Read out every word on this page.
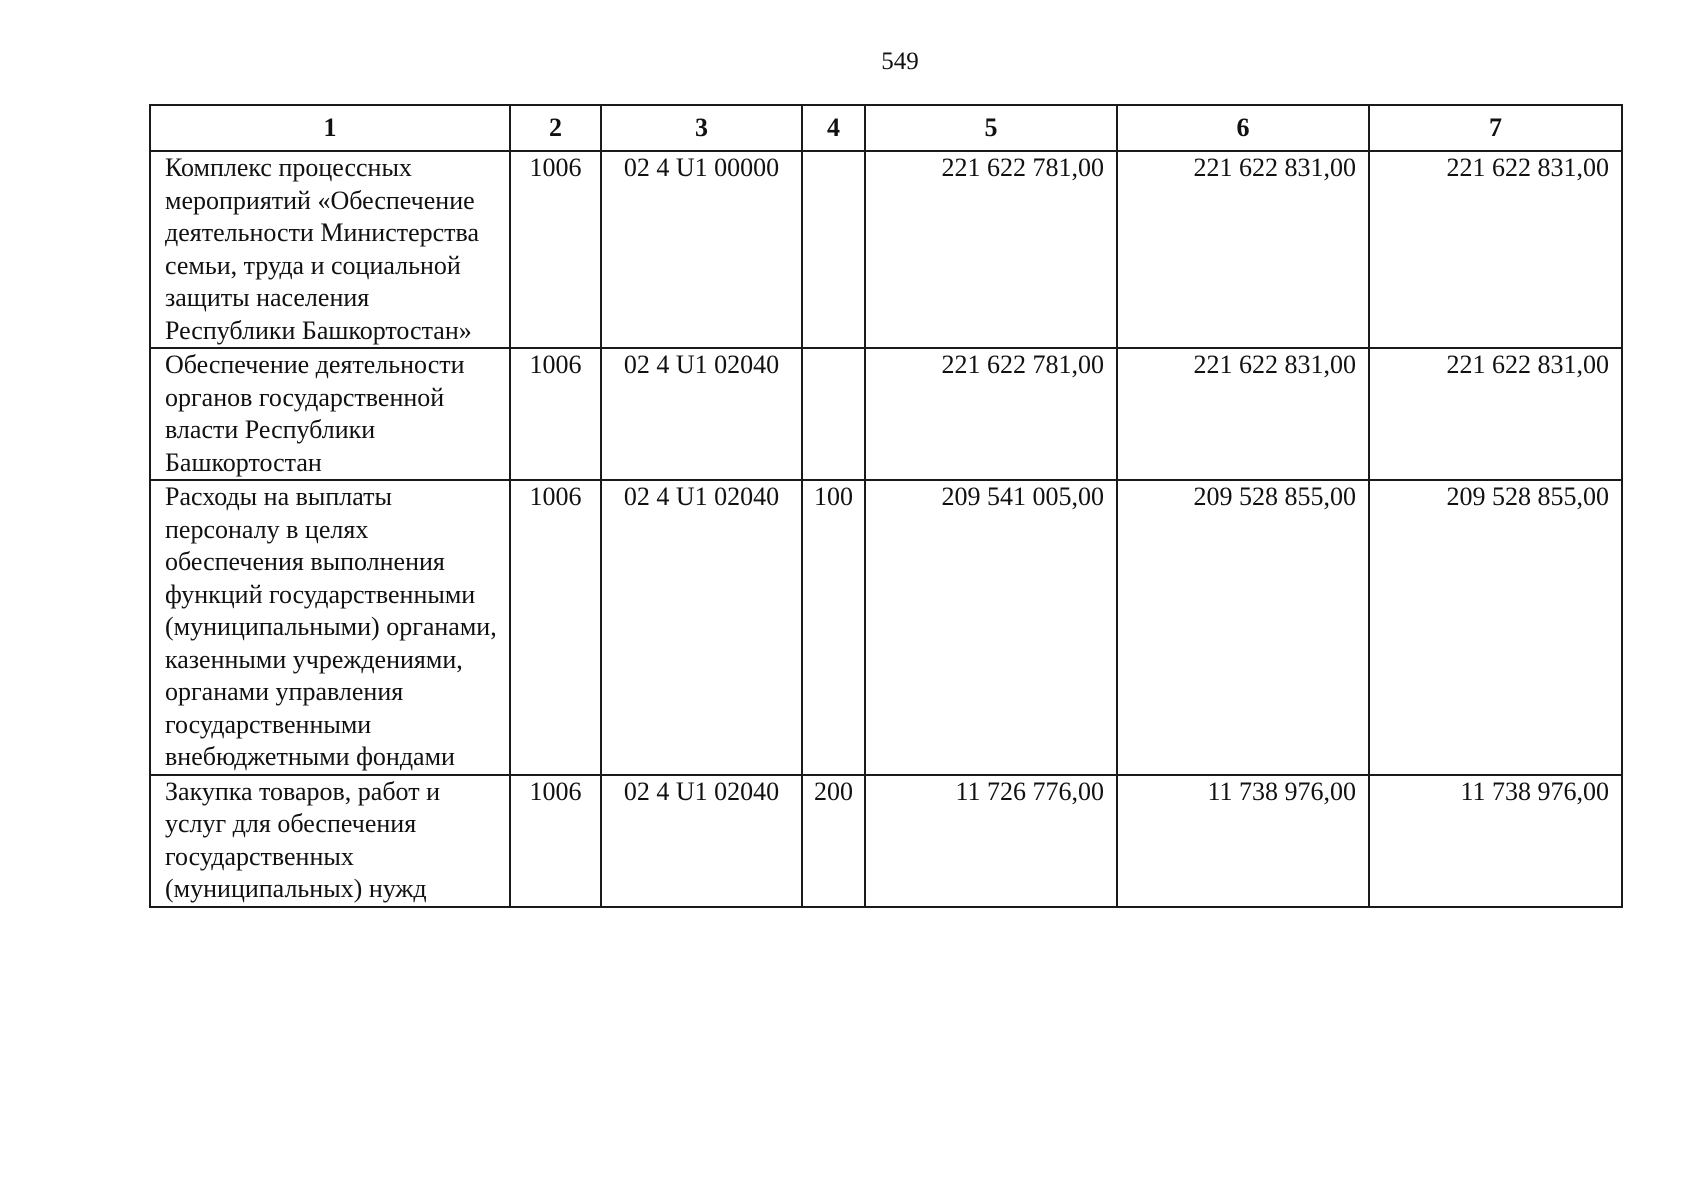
549
1	2	3	4	5	6	7
Комплекс процессных мероприятий «Обеспечение деятельности Министерства семьи, труда и социальной защиты населения Республики Башкортостан»	1006	02 4 U1 00000		221 622 781,00	221 622 831,00	221 622 831,00
Обеспечение деятельности органов государственной власти Республики Башкортостан	1006	02 4 U1 02040		221 622 781,00	221 622 831,00	221 622 831,00
Расходы на выплаты персоналу в целях обеспечения выполнения функций государственными (муниципальными) органами, казенными учреждениями, органами управления государственными внебюджетными фондами	1006	02 4 U1 02040	100	209 541 005,00	209 528 855,00	209 528 855,00
Закупка товаров, работ и услуг для обеспечения государственных (муниципальных) нужд	1006	02 4 U1 02040	200	11 726 776,00	11 738 976,00	11 738 976,00
